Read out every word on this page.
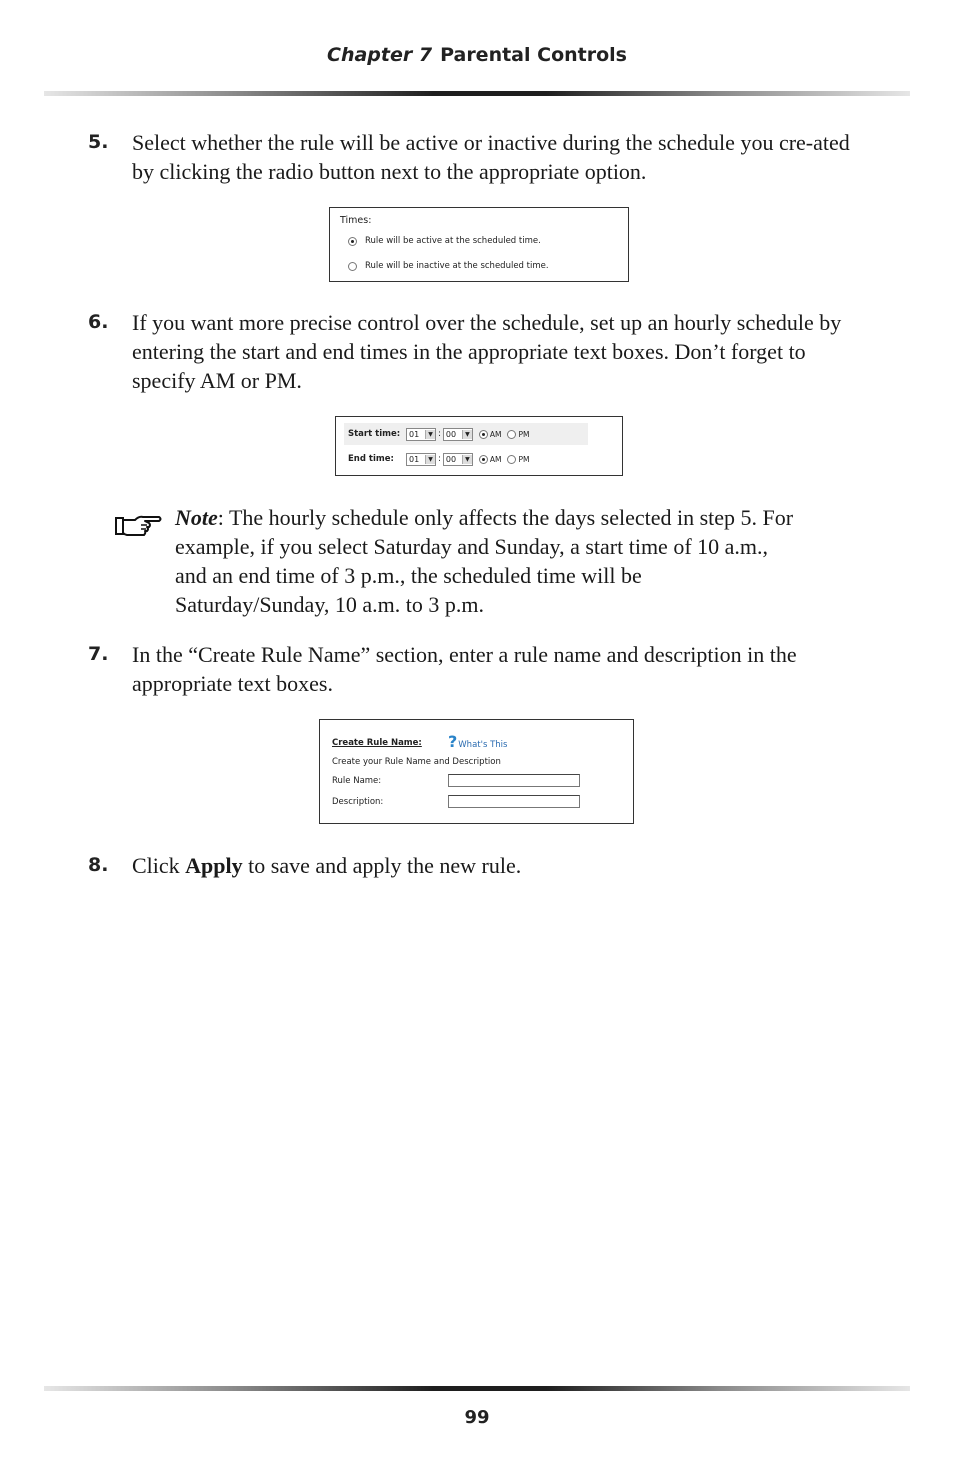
Chapter 7 Parental Controls
5. Select whether the rule will be active or inactive during the schedule you cre-ated by clicking the radio button next to the appropriate option.

Times:
Rule will be active at the scheduled time.
Rule will be inactive at the scheduled time.
6. If you want more precise control over the schedule, set up an hourly schedule by entering the start and end times in the appropriate text boxes. Don’t forget to specify AM or PM.

Start time:	01	▼ : 00	▼	AM PM
End time:	01	▼ : 00	▼	AM PM
Note: The hourly schedule only affects the days selected in step 5. For example, if you select Saturday and Sunday, a start time of 10 a.m., and an end time of 3 p.m., the scheduled time will be Saturday/Sunday, 10 a.m. to 3 p.m.
7. In the “Create Rule Name” section, enter a rule name and description in the appropriate text boxes.

Create Rule Name: ? What's This
Create your Rule Name and Description
Rule Name:
Description:
8. Click Apply to save and apply the new rule.

99
